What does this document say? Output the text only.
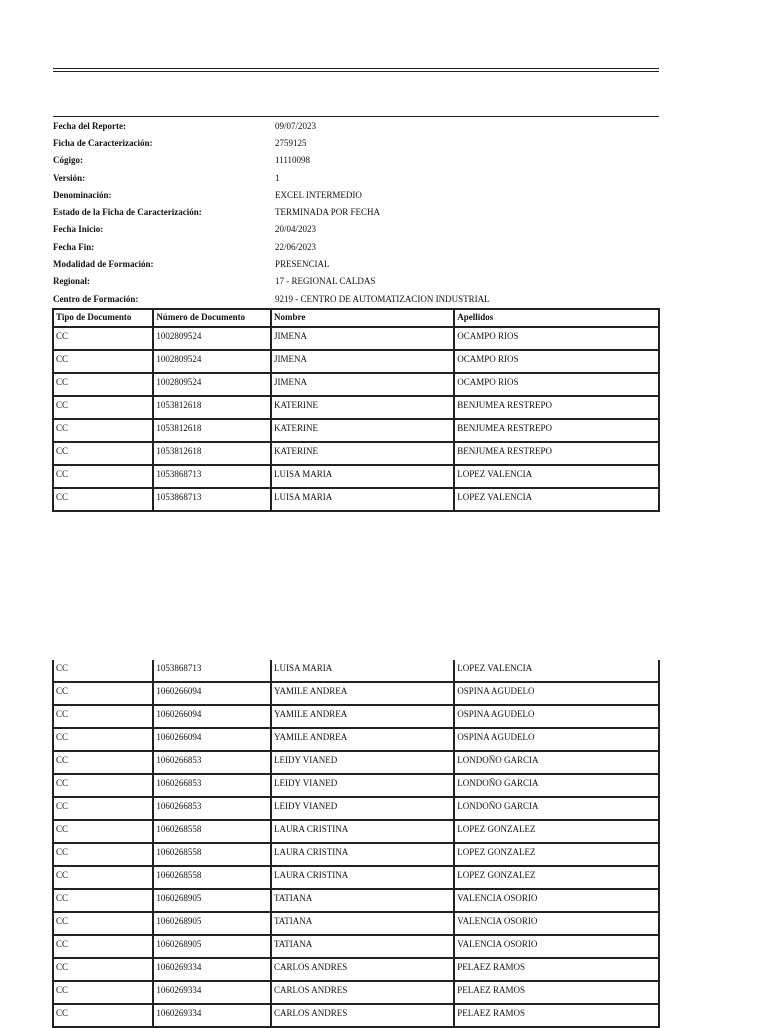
Fecha del Reporte:	09/07/2023
Ficha de Caracterización:	2759125
Cógigo:	11110098
Versión:	1
Denominación:	EXCEL INTERMEDIO
Estado de la Ficha de Caracterización:	TERMINADA POR FECHA
Fecha Inicio:	20/04/2023
Fecha Fin:	22/06/2023
Modalidad de Formación:	PRESENCIAL
Regional:	17 - REGIONAL CALDAS
Centro de Formación:	9219 - CENTRO DE AUTOMATIZACION INDUSTRIAL
Tipo de Documento	Número de Documento	Nombre	Apellidos
CC	1002809524	JIMENA	OCAMPO RIOS
CC	1002809524	JIMENA	OCAMPO RIOS
CC	1002809524	JIMENA	OCAMPO RIOS
CC	1053812618	KATERINE	BENJUMEA RESTREPO
CC	1053812618	KATERINE	BENJUMEA RESTREPO
CC	1053812618	KATERINE	BENJUMEA RESTREPO
CC	1053868713	LUISA MARIA	LOPEZ VALENCIA
CC	1053868713	LUISA MARIA	LOPEZ VALENCIA
CC	1053868713	LUISA MARIA	LOPEZ VALENCIA
CC	1060266094	YAMILE ANDREA	OSPINA AGUDELO
CC	1060266094	YAMILE ANDREA	OSPINA AGUDELO
CC	1060266094	YAMILE ANDREA	OSPINA AGUDELO
CC	1060266853	LEIDY VIANED	LONDOÑO GARCIA
CC	1060266853	LEIDY VIANED	LONDOÑO GARCIA
CC	1060266853	LEIDY VIANED	LONDOÑO GARCIA
CC	1060268558	LAURA CRISTINA	LOPEZ GONZALEZ
CC	1060268558	LAURA CRISTINA	LOPEZ GONZALEZ
CC	1060268558	LAURA CRISTINA	LOPEZ GONZALEZ
CC	1060268905	TATIANA	VALENCIA OSORIO
CC	1060268905	TATIANA	VALENCIA OSORIO
CC	1060268905	TATIANA	VALENCIA OSORIO
CC	1060269334	CARLOS ANDRES	PELAEZ RAMOS
CC	1060269334	CARLOS ANDRES	PELAEZ RAMOS
CC	1060269334	CARLOS ANDRES	PELAEZ RAMOS
